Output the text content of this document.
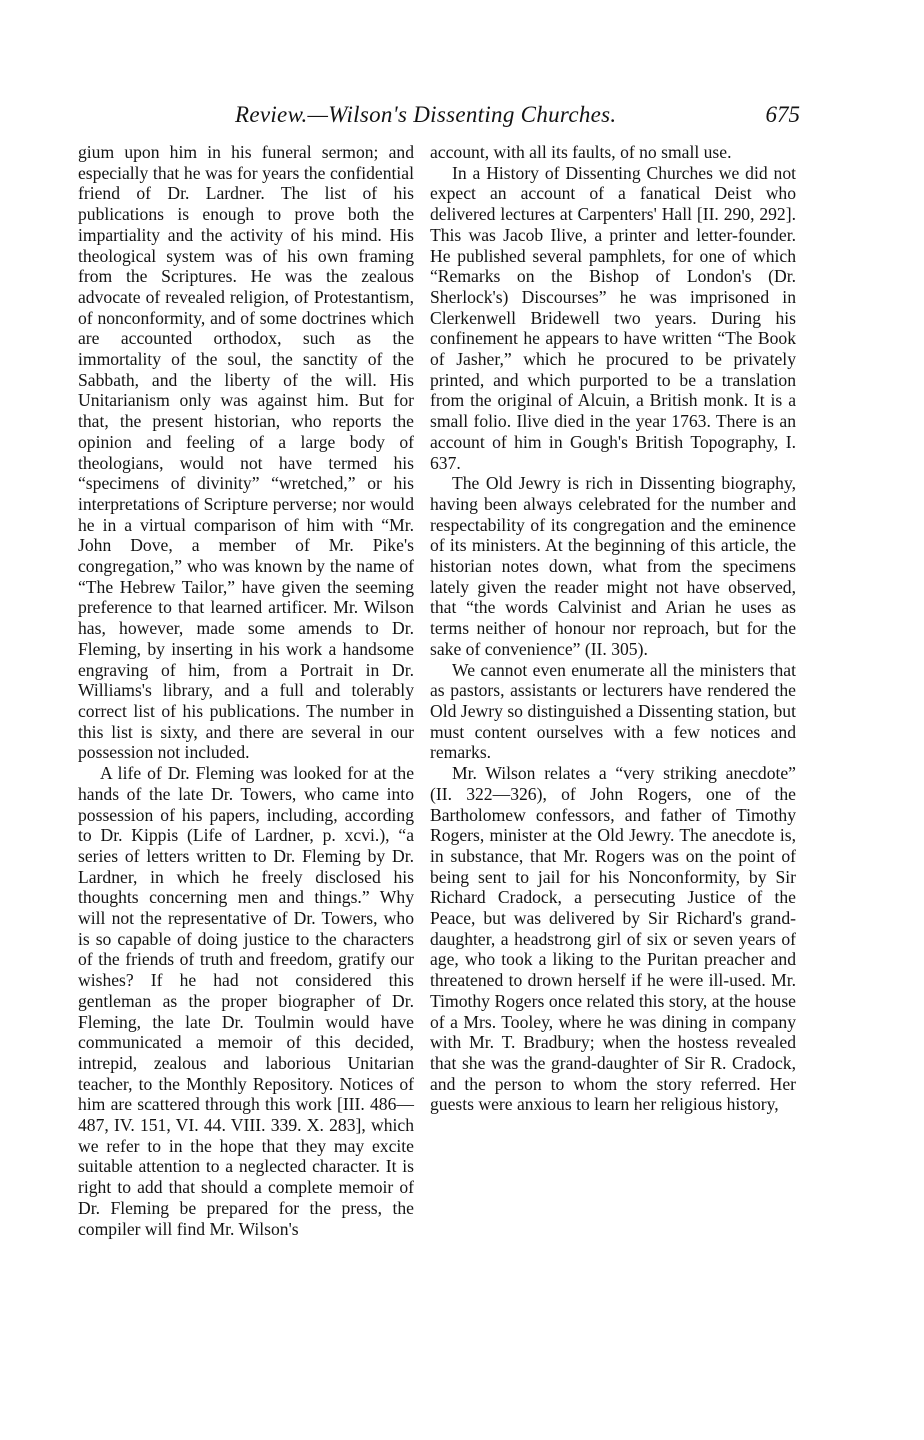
Review.—Wilson's Dissenting Churches.	675

gium upon him in his funeral sermon; and especially that he was for years the confidential friend of Dr. Lardner. The list of his publications is enough to prove both the impartiality and the activity of his mind. His theological system was of his own framing from the Scriptures. He was the zealous advocate of revealed religion, of Protestantism, of nonconformity, and of some doctrines which are accounted orthodox, such as the immortality of the soul, the sanctity of the Sabbath, and the liberty of the will. His Unitarianism only was against him. But for that, the present historian, who reports the opinion and feeling of a large body of theologians, would not have termed his “specimens of divinity” “wretched,” or his interpretations of Scripture perverse; nor would he in a virtual comparison of him with “Mr. John Dove, a member of Mr. Pike's congregation,” who was known by the name of “The Hebrew Tailor,” have given the seeming preference to that learned artificer. Mr. Wilson has, however, made some amends to Dr. Fleming, by inserting in his work a handsome engraving of him, from a Portrait in Dr. Williams's library, and a full and tolerably correct list of his publications. The number in this list is sixty, and there are several in our possession not included.

A life of Dr. Fleming was looked for at the hands of the late Dr. Towers, who came into possession of his papers, including, according to Dr. Kippis (Life of Lardner, p. xcvi.), “a series of letters written to Dr. Fleming by Dr. Lardner, in which he freely disclosed his thoughts concerning men and things.” Why will not the representative of Dr. Towers, who is so capable of doing justice to the characters of the friends of truth and freedom, gratify our wishes? If he had not considered this gentleman as the proper biographer of Dr. Fleming, the late Dr. Toulmin would have communicated a memoir of this decided, intrepid, zealous and laborious Unitarian teacher, to the Monthly Repository. Notices of him are scattered through this work [III. 486—487, IV. 151, VI. 44. VIII. 339. X. 283], which we refer to in the hope that they may excite suitable attention to a neglected character. It is right to add that should a complete memoir of Dr. Fleming be prepared for the press, the compiler will find Mr. Wilson's

account, with all its faults, of no small use.

In a History of Dissenting Churches we did not expect an account of a fanatical Deist who delivered lectures at Carpenters' Hall [II. 290, 292]. This was Jacob Ilive, a printer and letter-founder. He published several pamphlets, for one of which “Remarks on the Bishop of London's (Dr. Sherlock's) Discourses” he was imprisoned in Clerkenwell Bridewell two years. During his confinement he appears to have written “The Book of Jasher,” which he procured to be privately printed, and which purported to be a translation from the original of Alcuin, a British monk. It is a small folio. Ilive died in the year 1763. There is an account of him in Gough's British Topography, I. 637.

The Old Jewry is rich in Dissenting biography, having been always celebrated for the number and respectability of its congregation and the eminence of its ministers. At the beginning of this article, the historian notes down, what from the specimens lately given the reader might not have observed, that “the words Calvinist and Arian he uses as terms neither of honour nor reproach, but for the sake of convenience” (II. 305).

We cannot even enumerate all the ministers that as pastors, assistants or lecturers have rendered the Old Jewry so distinguished a Dissenting station, but must content ourselves with a few notices and remarks.

Mr. Wilson relates a “very striking anecdote” (II. 322—326), of John Rogers, one of the Bartholomew confessors, and father of Timothy Rogers, minister at the Old Jewry. The anecdote is, in substance, that Mr. Rogers was on the point of being sent to jail for his Nonconformity, by Sir Richard Cradock, a persecuting Justice of the Peace, but was delivered by Sir Richard's grand-daughter, a headstrong girl of six or seven years of age, who took a liking to the Puritan preacher and threatened to drown herself if he were ill-used. Mr. Timothy Rogers once related this story, at the house of a Mrs. Tooley, where he was dining in company with Mr. T. Bradbury; when the hostess revealed that she was the grand-daughter of Sir R. Cradock, and the person to whom the story referred. Her guests were anxious to learn her religious history,
